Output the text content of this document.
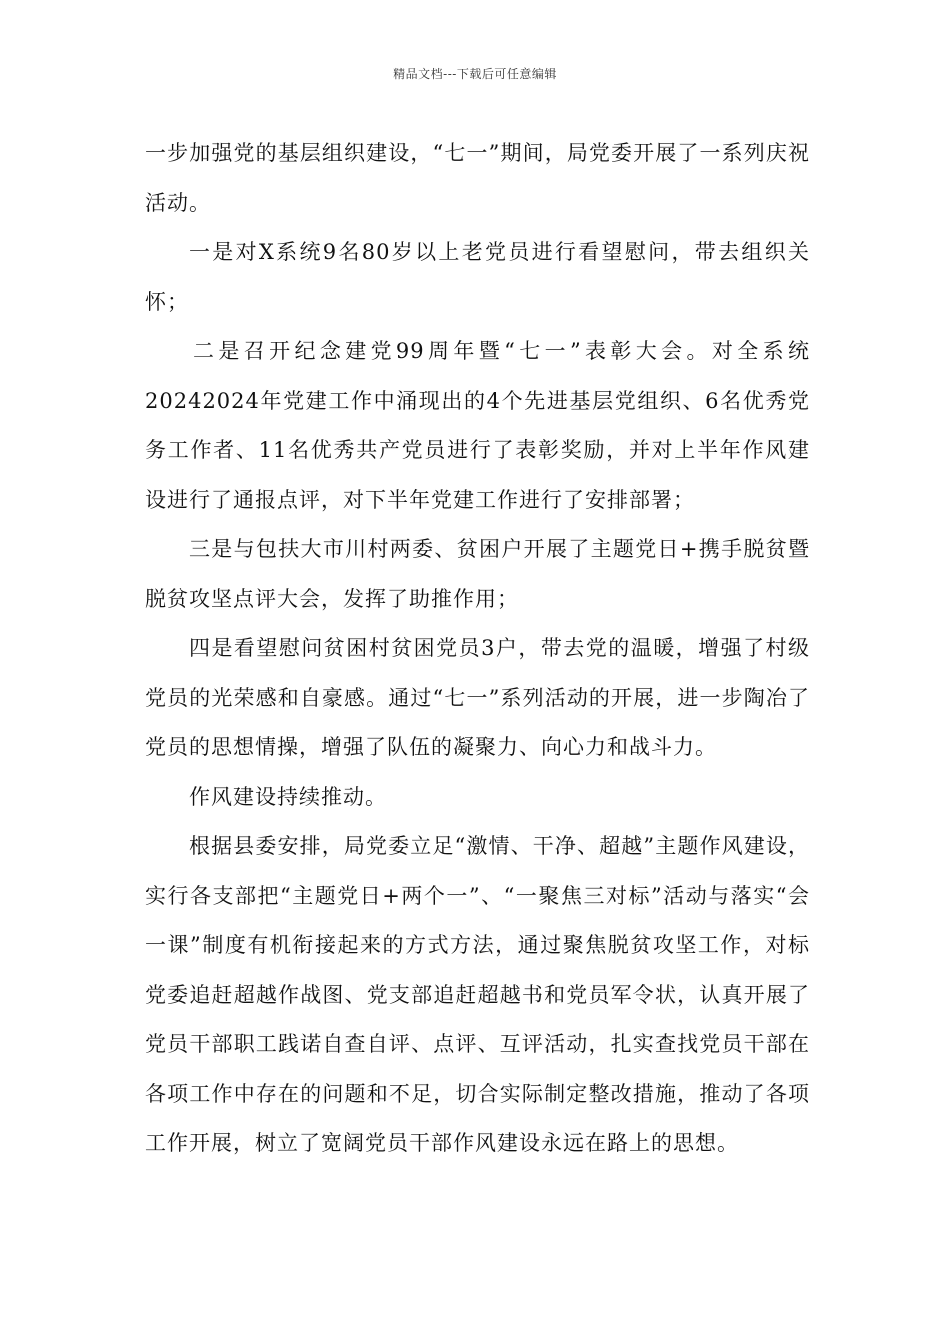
精品文档---下载后可任意编辑

一步加强党的基层组织建设，“七一”期间，局党委开展了一系列庆祝活动。

一是对Ⅹ系统9名80岁以上老党员进行看望慰问，带去组织关怀；

二是召开纪念建党99周年暨“七一”表彰大会。对全系统20242024年党建工作中涌现出的4个先进基层党组织、6名优秀党务工作者、11名优秀共产党员进行了表彰奖励，并对上半年作风建设进行了通报点评，对下半年党建工作进行了安排部署；

三是与包扶大市川村两委、贫困户开展了主题党日+携手脱贫暨脱贫攻坚点评大会，发挥了助推作用；

四是看望慰问贫困村贫困党员3户，带去党的温暖，增强了村级党员的光荣感和自豪感。通过“七一”系列活动的开展，进一步陶冶了党员的思想情操，增强了队伍的凝聚力、向心力和战斗力。

作风建设持续推动。

根据县委安排，局党委立足“激情、干净、超越”主题作风建设，实行各支部把“主题党日+两个一”、“一聚焦三对标”活动与落实“会一课”制度有机衔接起来的方式方法，通过聚焦脱贫攻坚工作，对标党委追赶超越作战图、党支部追赶超越书和党员军令状，认真开展了党员干部职工践诺自查自评、点评、互评活动，扎实查找党员干部在各项工作中存在的问题和不足，切合实际制定整改措施，推动了各项工作开展，树立了宽阔党员干部作风建设永远在路上的思想。
